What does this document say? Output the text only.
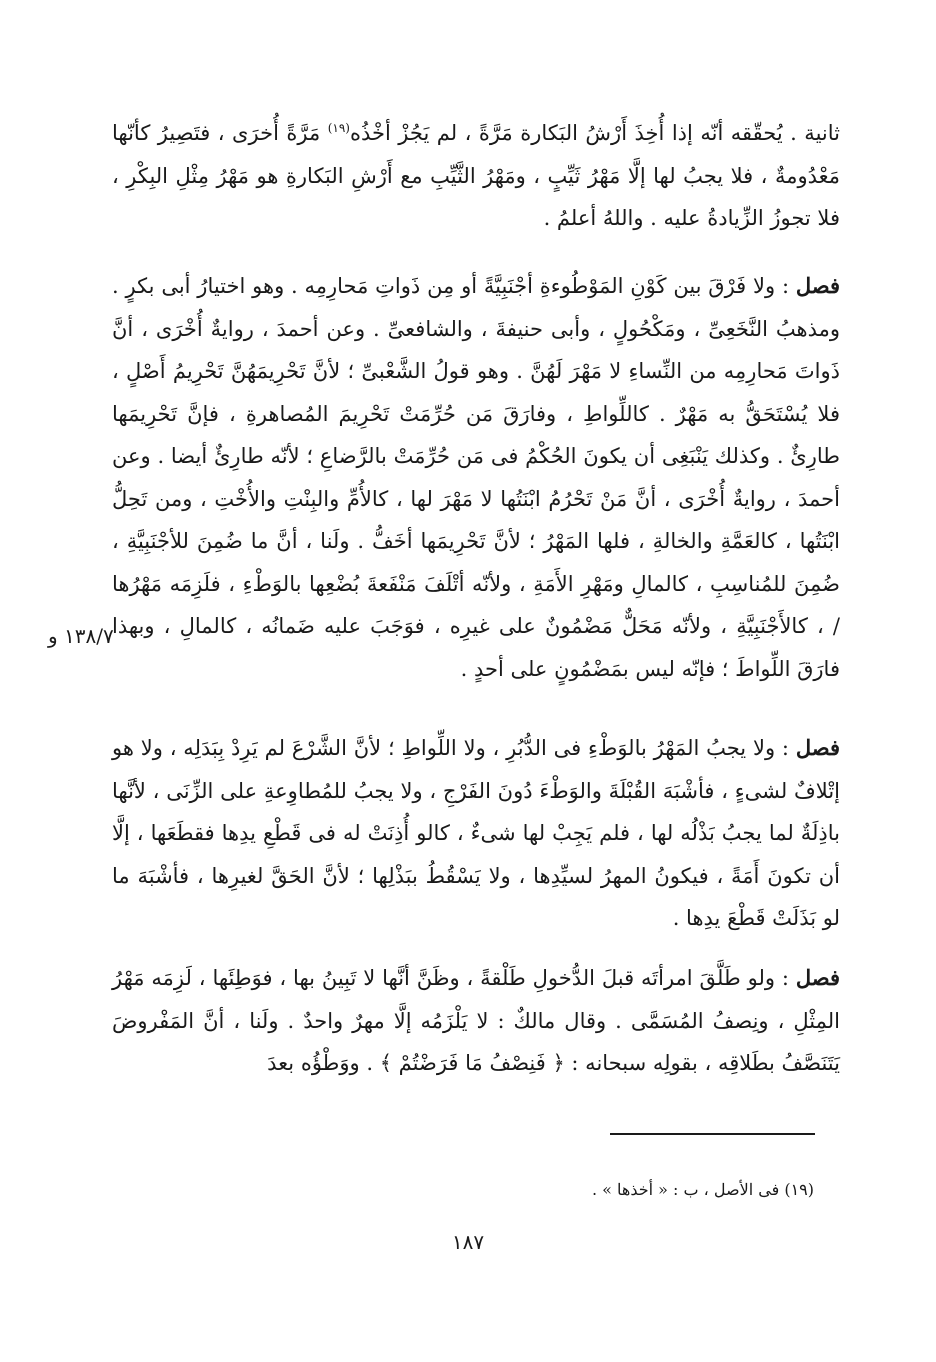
ثانية . يُحقّقه أنّه إذا أُخِذَ أَرْشُ البَكارة مَرَّةً ، لم يَجُزْ أخْذُه$^{(١٩)}$ مَرَّةً أُخرَى ، فتَصِيرُ كأنّها مَعْدُومةٌ ، فلا يجبُ لها إلَّا مَهْرُ ثَيِّبٍ ، ومَهْرُ الثَّيِّبِ مع أَرْشِ البَكارةِ هو مَهْرُ مِثْلِ البِكْرِ ، فلا تجوزُ الزِّيادةُ عليه . واللهُ أعلمُ .

فصل : ولا فَرْقَ بين كَوْنِ المَوْطُوءةِ أجْنَبِيَّةً أو مِن ذَواتِ مَحارِمِه . وهو اختيارُ أبى بكرٍ . ومذهبُ النَّخَعِىِّ ، ومَكْحُولٍ ، وأبى حنيفةَ ، والشافعىِّ . وعن أحمدَ ، روايةٌ أُخْرَى ، أنَّ ذَواتَ مَحارِمِه من النِّساءِ لا مَهْرَ لَهُنَّ . وهو قولُ الشَّعْبىِّ ؛ لأنَّ تَحْرِيمَهُنَّ تَحْرِيمُ أَصْلٍ ، فلا يُسْتَحَقُّ به مَهْرٌ . كاللِّواطِ ، وفارَقَ مَن حُرِّمَتْ تَحْرِيمَ المُصاهرةِ ، فإنَّ تَحْرِيمَها طارِئٌ . وكذلك يَنْبَغِى أن يكونَ الحُكْمُ فى مَن حُرِّمَتْ بالرَّضاعِ ؛ لأنّه طارِئٌ أيضا . وعن أحمدَ ، روايةٌ أُخْرَى ، أنَّ مَنْ تَحْرُمُ ابْنَتُها لا مَهْرَ لها ، كالأُمِّ والبِنْتِ والأُخْتِ ، ومن تَحِلُّ ابْنَتُها ، كالعَمَّةِ والخالةِ ، فلها المَهْرُ ؛ لأنَّ تَحْرِيمَها أخَفُّ . ولَنا ، أنَّ ما ضُمِنَ للأجْنَبِيَّةِ ، ضُمِنَ للمُناسِبِ ، كالمالِ ومَهْرِ الأَمَةِ ، ولأنّه أتْلَفَ مَنْفَعةَ بُضْعِها بالوَطْءِ ، فلَزِمَه مَهْرُها / ، كالأَجْنَبِيَّةِ ، ولأنّه مَحَلٌّ مَضْمُونٌ على غيرِه ، فوَجَبَ عليه ضَمانُه ، كالمالِ ، وبهذا فارَقَ اللِّواطَ ؛ فإنّه ليس بمَضْمُونٍ على أحدٍ .

فصل : ولا يجبُ المَهْرُ بالوَطْءِ فى الدُّبُرِ ، ولا اللِّواطِ ؛ لأنَّ الشَّرْعَ لم يَرِدْ بِبَدَلِه ، ولا هو إتْلافٌ لشىءٍ ، فأشْبَهَ القُبْلَةَ والوَطْءَ دُونَ الفَرْجِ ، ولا يجبُ للمُطاوِعةِ على الزِّنَى ، لأنَّها باذِلَةٌ لما يجبُ بَذْلُه لها ، فلم يَجِبْ لها شىءٌ ، كالو أُذِنَتْ له فى قَطْعِ يدِها فقطَعَها ، إلَّا أن تكونَ أَمَةً ، فيكونُ المهرُ لسيِّدِها ، ولا يَسْقُطُ ببَذْلِها ؛ لأنَّ الحَقَّ لغيرِها ، فأشْبَهَ ما لو بَذَلَتْ قَطْعَ يدِها .

فصل : ولو طَلَّقَ امرأتَه قبلَ الدُّخولِ طَلْقةً ، وظَنَّ أنَّها لا تَبِينُ بها ، فوَطِئَها ، لَزِمَه مَهْرُ المِثْلِ ، ونِصفُ المُسَمَّى . وقال مالكٌ : لا يَلْزَمُه إلَّا مهرٌ واحدٌ . ولَنا ، أنَّ المَفْروضَ يَتَنَصَّفُ بطَلاقِه ، بقولِه سبحانه : ﴿ فَنِصْفُ مَا فَرَضْتُمْ ﴾ . ووَطْؤُه بعدَ

١٣٨/٧ و
(١٩) فى الأصل ، ب : « أخذها » .
١٨٧
